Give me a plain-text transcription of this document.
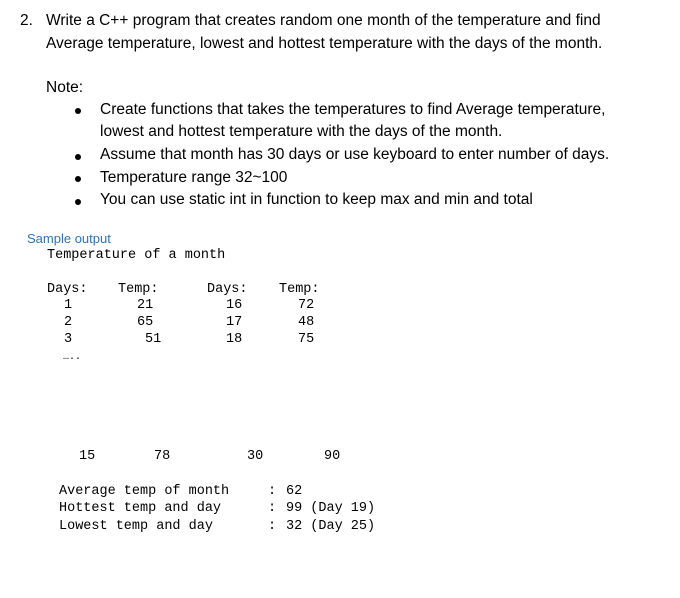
2. Write a C++ program that creates random one month of the temperature and find
Average temperature, lowest and hottest temperature with the days of the month.
Note:
Create functions that takes the temperatures to find Average temperature,
lowest and hottest temperature with the days of the month.
Assume that month has 30 days or use keyboard to enter number of days.
Temperature range 32~100
You can use static int in function to keep max and min and total
Sample output
Temperature of a month
Days: Temp:	Days: Temp:
1	21	16	72
2	65	17	48
3	51	18	75
…..
15	78	30	90
Average temp of month	: 62
Hottest temp and day	: 99 (Day 19)
Lowest temp and day	: 32 (Day 25)
